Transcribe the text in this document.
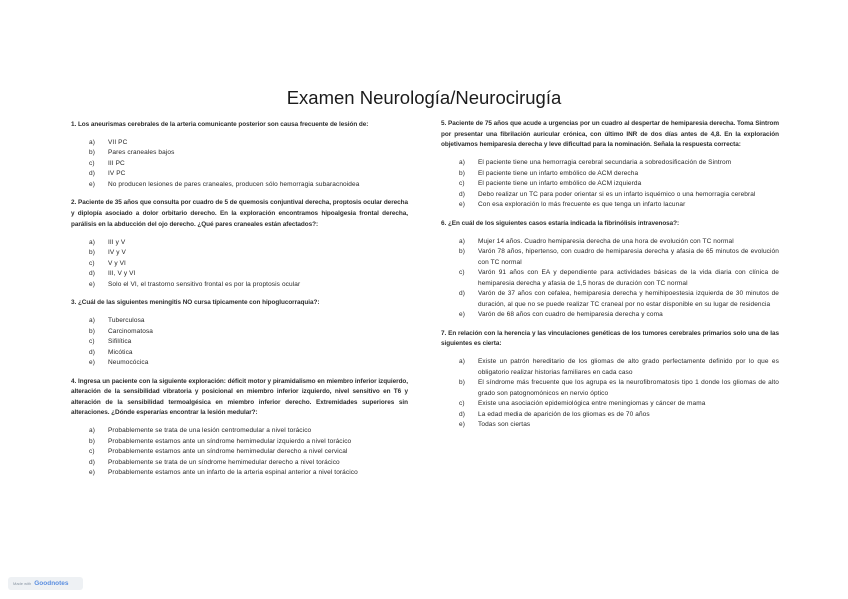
Examen Neurología/Neurocirugía

1. Los aneurismas cerebrales de la arteria comunicante posterior son causa frecuente de lesión de:

a)	VII PC
b)	Pares craneales bajos
c)	III PC
d)	IV PC
e)	No producen lesiones de pares craneales, producen sólo hemorragia subaracnoidea

2. Paciente de 35 años que consulta por cuadro de 5 de quemosis conjuntival derecha, proptosis ocular derecha y diplopía asociado a dolor orbitario derecho. En la exploración encontramos hipoalgesia frontal derecha, parálisis en la abducción del ojo derecho. ¿Qué pares craneales están afectados?:

a)	III y V
b)	IV y V
c)	V y VI
d)	III, V y VI
e)	Solo el VI, el trastorno sensitivo frontal es por la proptosis ocular

3. ¿Cuál de las siguientes meningitis NO cursa típicamente con hipoglucorraquia?:

a)	Tuberculosa
b)	Carcinomatosa
c)	Sifilítica
d)	Micótica
e)	Neumocócica

4. Ingresa un paciente con la siguiente exploración: déficit motor y piramidalismo en miembro inferior izquierdo, alteración de la sensibilidad vibratoria y posicional en miembro inferior izquierdo, nivel sensitivo en T6 y alteración de la sensibilidad termoalgésica en miembro inferior derecho. Extremidades superiores sin alteraciones. ¿Dónde esperarías encontrar la lesión medular?:

a)	Probablemente se trata de una lesión centromedular a nivel torácico
b)	Probablemente estamos ante un síndrome hemimedular izquierdo a nivel torácico
c)	Probablemente estamos ante un síndrome hemimedular derecho a nivel cervical
d)	Probablemente se trata de un síndrome hemimedular derecho a nivel torácico
e)	Probablemente estamos ante un infarto de la arteria espinal anterior a nivel torácico

5. Paciente de 75 años que acude a urgencias por un cuadro al despertar de hemiparesia derecha. Toma Sintrom por presentar una fibrilación auricular crónica, con último INR de dos días antes de 4,8. En la exploración objetivamos hemiparesia derecha y leve dificultad para la nominación. Señala la respuesta correcta:

a)	El paciente tiene una hemorragia cerebral secundaria a sobredosificación de Sintrom
b)	El paciente tiene un infarto embólico de ACM derecha
c)	El paciente tiene un infarto embólico de ACM izquierda
d)	Debo realizar un TC para poder orientar si es un infarto isquémico o una hemorragia cerebral
e)	Con esa exploración lo más frecuente es que tenga un infarto lacunar

6. ¿En cuál de los siguientes casos estaría indicada la fibrinólisis intravenosa?:

a)	Mujer 14 años. Cuadro hemiparesia derecha de una hora de evolución con TC normal
b)	Varón 78 años, hipertenso, con cuadro de hemiparesia derecha y afasia de 65 minutos de evolución con TC normal
c)	Varón 91 años con EA y dependiente para actividades básicas de la vida diaria con clínica de hemiparesia derecha y afasia de 1,5 horas de duración con TC normal
d)	Varón de 37 años con cefalea, hemiparesia derecha y hemihipoestesia izquierda de 30 minutos de duración, al que no se puede realizar TC craneal por no estar disponible en su lugar de residencia
e)	Varón de 68 años con cuadro de hemiparesia derecha y coma

7. En relación con la herencia y las vinculaciones genéticas de los tumores cerebrales primarios solo una de las siguientes es cierta:

a)	Existe un patrón hereditario de los gliomas de alto grado perfectamente definido por lo que es obligatorio realizar historias familiares en cada caso
b)	El síndrome más frecuente que los agrupa es la neurofibromatosis tipo 1 donde los gliomas de alto grado son patognomónicos en nervio óptico
c)	Existe una asociación epidemiológica entre meningiomas y cáncer de mama
d)	La edad media de aparición de los gliomas es de 70 años
e)	Todas son ciertas
Made with Goodnotes
